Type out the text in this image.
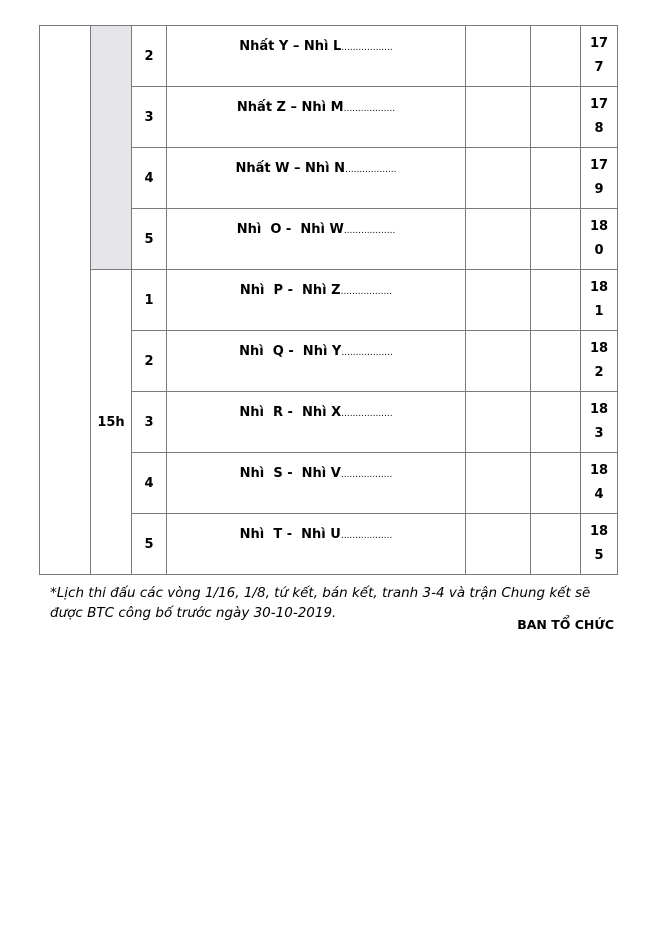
		2	Nhất Y – Nhì L..................			177
		3	Nhất Z – Nhì M..................			178
		4	Nhất W – Nhì N..................			179
		5	Nhì  O -  Nhì W..................			180
	15h	1	Nhì  P -  Nhì Z..................			181
		2	Nhì  Q -  Nhì Y..................			182
		3	Nhì  R -  Nhì X..................			183
		4	Nhì  S -  Nhì V..................			184
		5	Nhì  T -  Nhì U..................			185
*Lịch thi đấu các vòng 1/16, 1/8, tứ kết, bán kết, tranh 3-4 và trận Chung kết sẽ được BTC công bố trước ngày 30-10-2019.
BAN TỔ CHỨC
